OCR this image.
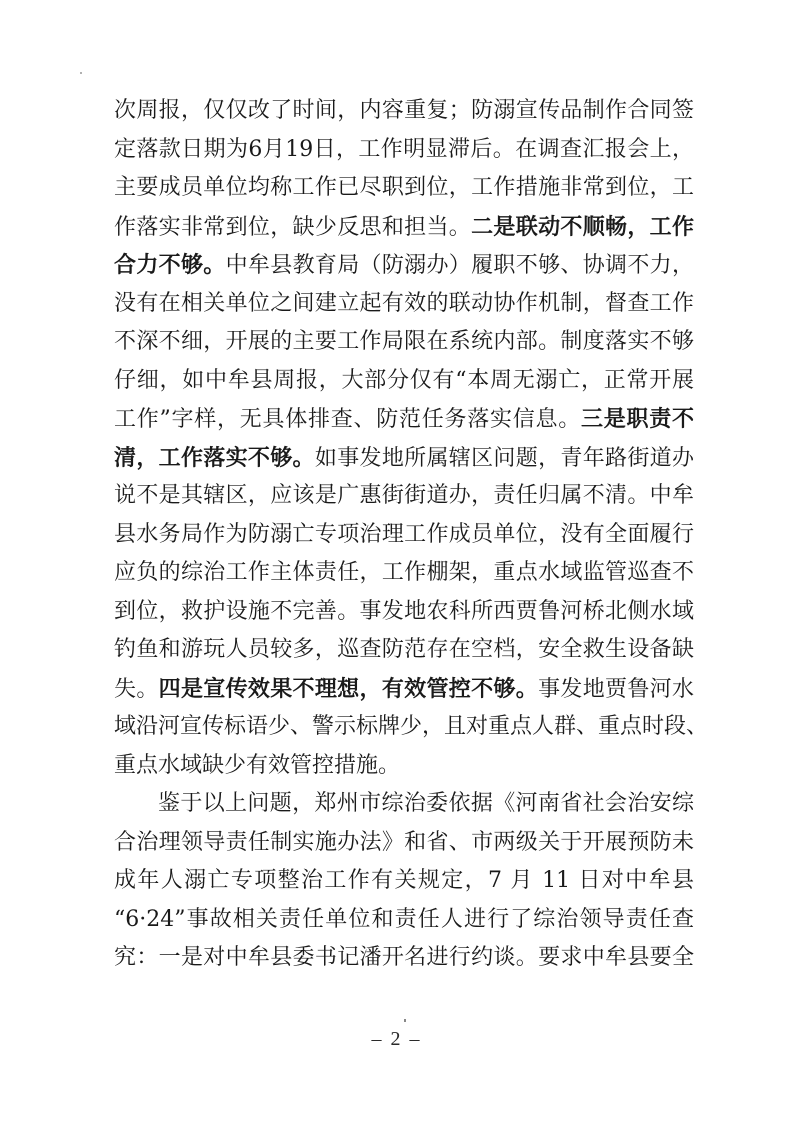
次周报，仅仅改了时间，内容重复；防溺宣传品制作合同签
定落款日期为6月19日，工作明显滞后。在调查汇报会上，
主要成员单位均称工作已尽职到位，工作措施非常到位，工
作落实非常到位，缺少反思和担当。二是联动不顺畅，工作
合力不够。中牟县教育局（防溺办）履职不够、协调不力，
没有在相关单位之间建立起有效的联动协作机制，督查工作
不深不细，开展的主要工作局限在系统内部。制度落实不够
仔细，如中牟县周报，大部分仅有“本周无溺亡，正常开展
工作”字样，无具体排查、防范任务落实信息。三是职责不
清，工作落实不够。如事发地所属辖区问题，青年路街道办
说不是其辖区，应该是广惠街街道办，责任归属不清。中牟
县水务局作为防溺亡专项治理工作成员单位，没有全面履行
应负的综治工作主体责任，工作棚架，重点水域监管巡查不
到位，救护设施不完善。事发地农科所西贾鲁河桥北侧水域
钓鱼和游玩人员较多，巡查防范存在空档，安全救生设备缺
失。四是宣传效果不理想，有效管控不够。事发地贾鲁河水
域沿河宣传标语少、警示标牌少，且对重点人群、重点时段、
重点水域缺少有效管控措施。
鉴于以上问题，郑州市综治委依据《河南省社会治安综
合治理领导责任制实施办法》和省、市两级关于开展预防未
成年人溺亡专项整治工作有关规定，7 月 11 日对中牟县
“6·24”事故相关责任单位和责任人进行了综治领导责任查
究：一是对中牟县委书记潘开名进行约谈。要求中牟县要全
– 2 –
